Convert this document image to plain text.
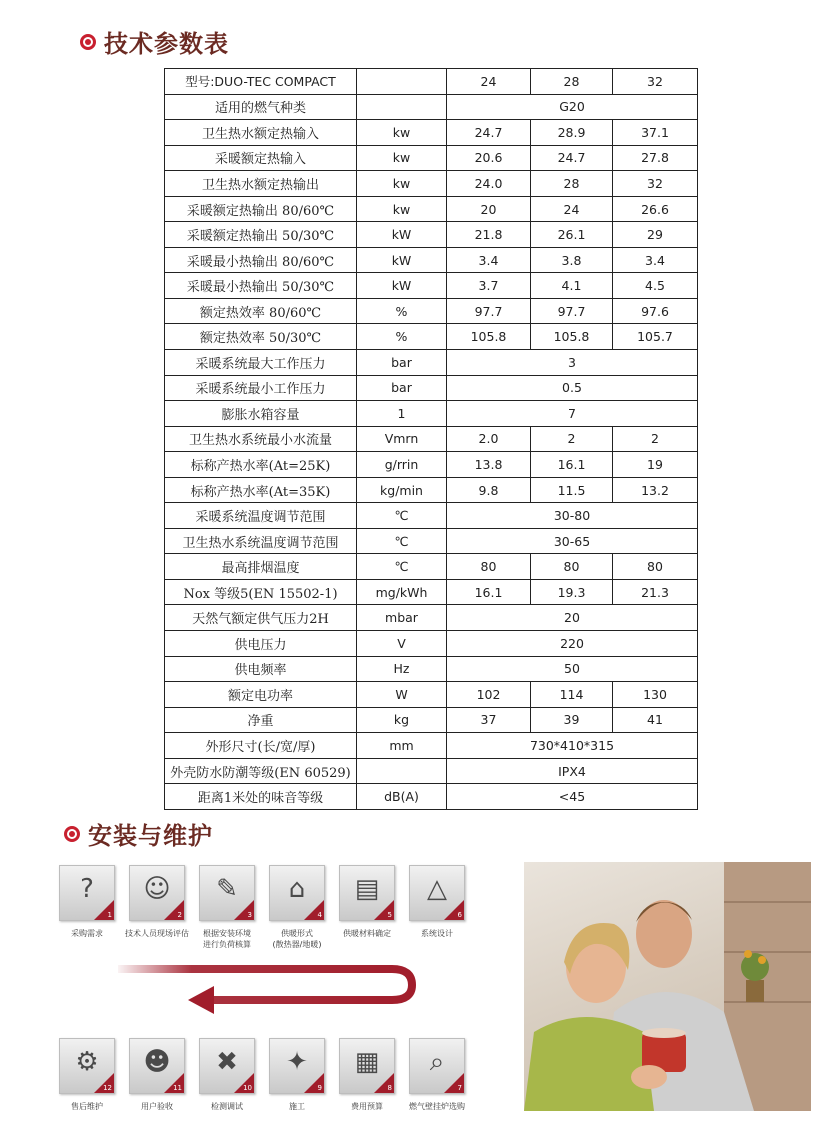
技术参数表
型号:DUO-TEC COMPACT		24	28	32
适用的燃气种类		G20		
卫生热水额定热输入	kw	24.7	28.9	37.1
采暖额定热输入	kw	20.6	24.7	27.8
卫生热水额定热输出	kw	24.0	28	32
采暖额定热输出 80/60℃	kw	20	24	26.6
采暖额定热输出 50/30℃	kW	21.8	26.1	29
采暖最小热输出 80/60℃	kW	3.4	3.8	3.4
采暖最小热输出 50/30℃	kW	3.7	4.1	4.5
额定热效率 80/60℃	%	97.7	97.7	97.6
额定热效率 50/30℃	%	105.8	105.8	105.7
采暖系统最大工作压力	bar	3		
采暖系统最小工作压力	bar	0.5		
膨胀水箱容量	1	7		
卫生热水系统最小水流量	Vmrn	2.0	2	2
标称产热水率(At=25K)	g/rrin	13.8	16.1	19
标称产热水率(At=35K)	kg/min	9.8	11.5	13.2
采暖系统温度调节范围	℃	30-80		
卫生热水系统温度调节范围	℃	30-65		
最高排烟温度	℃	80	80	80
Nox 等级5(EN 15502-1)	mg/kWh	16.1	19.3	21.3
天然气额定供气压力2H	mbar	20		
供电压力	V	220		
供电频率	Hz	50		
额定电功率	W	102	114	130
净重	kg	37	39	41
外形尺寸(长/宽/厚)	mm	730*410*315		
外壳防水防潮等级(EN 60529)		IPX4		
距离1米处的味音等级	dB(A)	<45		
安装与维护
?
1
采购需求
☺
2
技术人员现场评估
✎
3
根据安装环境
进行负荷核算
⌂
4
供暖形式
(散热器/地暖)
▤
5
供暖材料确定
△
6
系统设计
⚙
12
售后维护
☻
11
用户验收
✖
10
检测调试
✦
9
施工
▦
8
费用预算
⌕
7
燃气壁挂炉选购
